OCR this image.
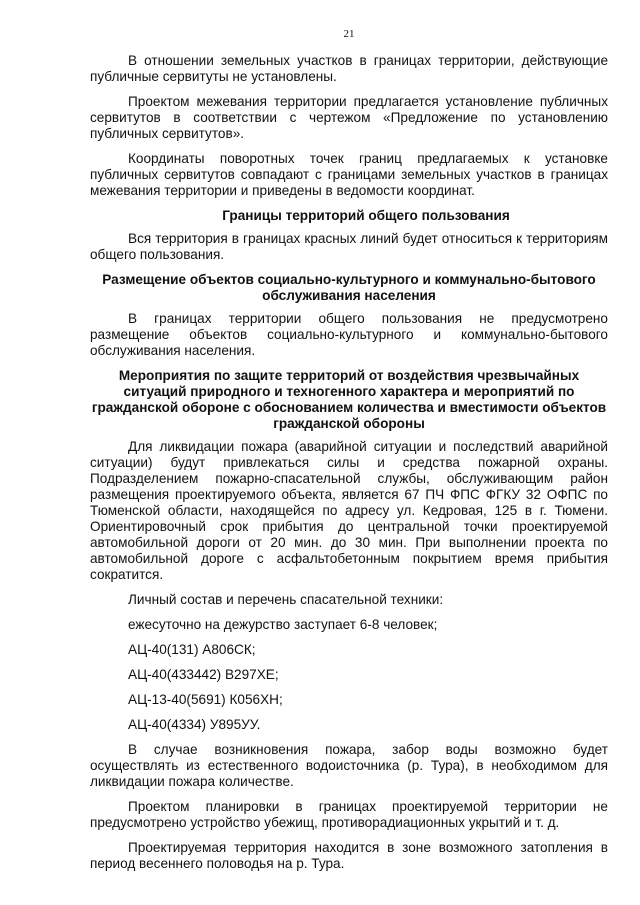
21

В отношении земельных участков в границах территории, действующие публичные сервитуты не установлены.

Проектом межевания территории предлагается установление публичных сервитутов в соответствии с чертежом «Предложение по установлению публичных сервитутов».

Координаты поворотных точек границ предлагаемых к установке публичных сервитутов совпадают с границами земельных участков в границах межевания территории и приведены в ведомости координат.

Границы территорий общего пользования

Вся территория в границах красных линий будет относиться к территориям общего пользования.

Размещение объектов социально-культурного и коммунально-бытового обслуживания населения

В границах территории общего пользования не предусмотрено размещение объектов социально-культурного и коммунально-бытового обслуживания населения.

Мероприятия по защите территорий от воздействия чрезвычайных ситуаций природного и техногенного характера и мероприятий по гражданской обороне с обоснованием количества и вместимости объектов гражданской обороны

Для ликвидации пожара (аварийной ситуации и последствий аварийной ситуации) будут привлекаться силы и средства пожарной охраны. Подразделением пожарно-спасательной службы, обслуживающим район размещения проектируемого объекта, является 67 ПЧ ФПС ФГКУ 32 ОФПС по Тюменской области, находящейся по адресу ул. Кедровая, 125 в г. Тюмени. Ориентировочный срок прибытия до центральной точки проектируемой автомобильной дороги от 20 мин. до 30 мин. При выполнении проекта по автомобильной дороге с асфальтобетонным покрытием время прибытия сократится.

Личный состав и перечень спасательной техники:
ежесуточно на дежурство заступает 6-8 человек;
АЦ-40(131) А806СК;
АЦ-40(433442) В297ХЕ;
АЦ-13-40(5691) К056ХН;
АЦ-40(4334) У895УУ.

В случае возникновения пожара, забор воды возможно будет осуществлять из естественного водоисточника (р. Тура), в необходимом для ликвидации пожара количестве.

Проектом планировки в границах проектируемой территории не предусмотрено устройство убежищ, противорадиационных укрытий и т. д.

Проектируемая территория находится в зоне возможного затопления в период весеннего половодья на р. Тура.
